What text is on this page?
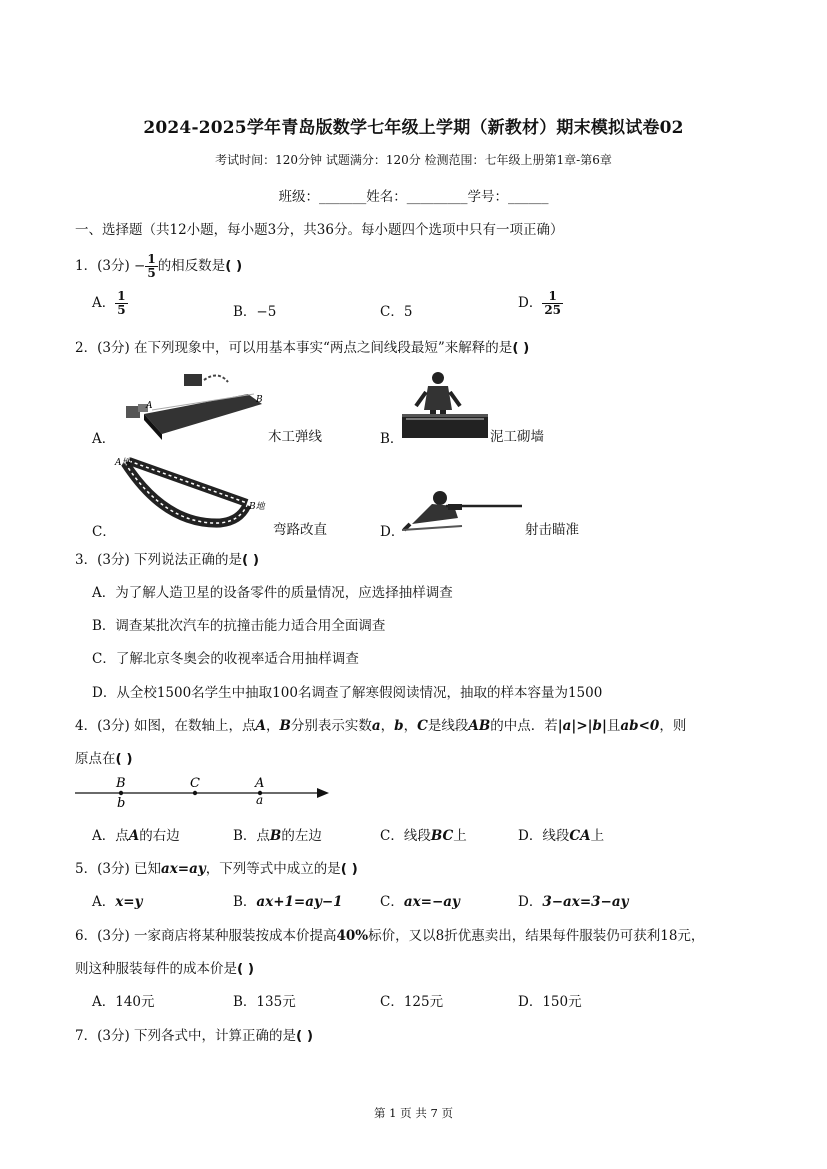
2024-2025学年青岛版数学七年级上学期（新教材）期末模拟试卷02
考试时间：120分钟 试题满分：120分 检测范围：七年级上册第1章-第6章
班级：_______姓名：_________学号：______
一、选择题（共12小题，每小题3分，共36分。每小题四个选项中只有一项正确）
1．(3分) − $\frac{1}{5}$ 的相反数是( )
A． $\frac{1}{5}$	B．−5	C．5
D． $\frac{1}{25}$
2．(3分) 在下列现象中，可以用基本事实“两点之间线段最短”来解释的是( )
A
B
A．	木工弹线	B．	泥工砌墙
A地
B地
C．	弯路改直	D．	射击瞄准
3．(3分) 下列说法正确的是( )
A．为了解人造卫星的设备零件的质量情况，应选择抽样调查
B．调查某批次汽车的抗撞击能力适合用全面调查
C．了解北京冬奥会的收视率适合用抽样调查
D．从全校1500名学生中抽取100名调查了解寒假阅读情况，抽取的样本容量为1500
4．(3分) 如图，在数轴上，点A，B分别表示实数a，b，C是线段AB的中点．若|a|>|b|且ab<0，则
原点在( )
B	C	A
b	a
A．点A的右边	B．点B的左边	C．线段BC上	D．线段CA上
5．(3分) 已知ax=ay，下列等式中成立的是( )
A．x=y	B．ax+1=ay−1	C．ax=−ay	D．3−ax=3−ay
6．(3分) 一家商店将某种服装按成本价提高40%标价，又以8折优惠卖出，结果每件服装仍可获利18元，
则这种服装每件的成本价是( )
A．140元	B．135元	C．125元	D．150元
7．(3分) 下列各式中，计算正确的是( )
第 1 页 共 7 页
